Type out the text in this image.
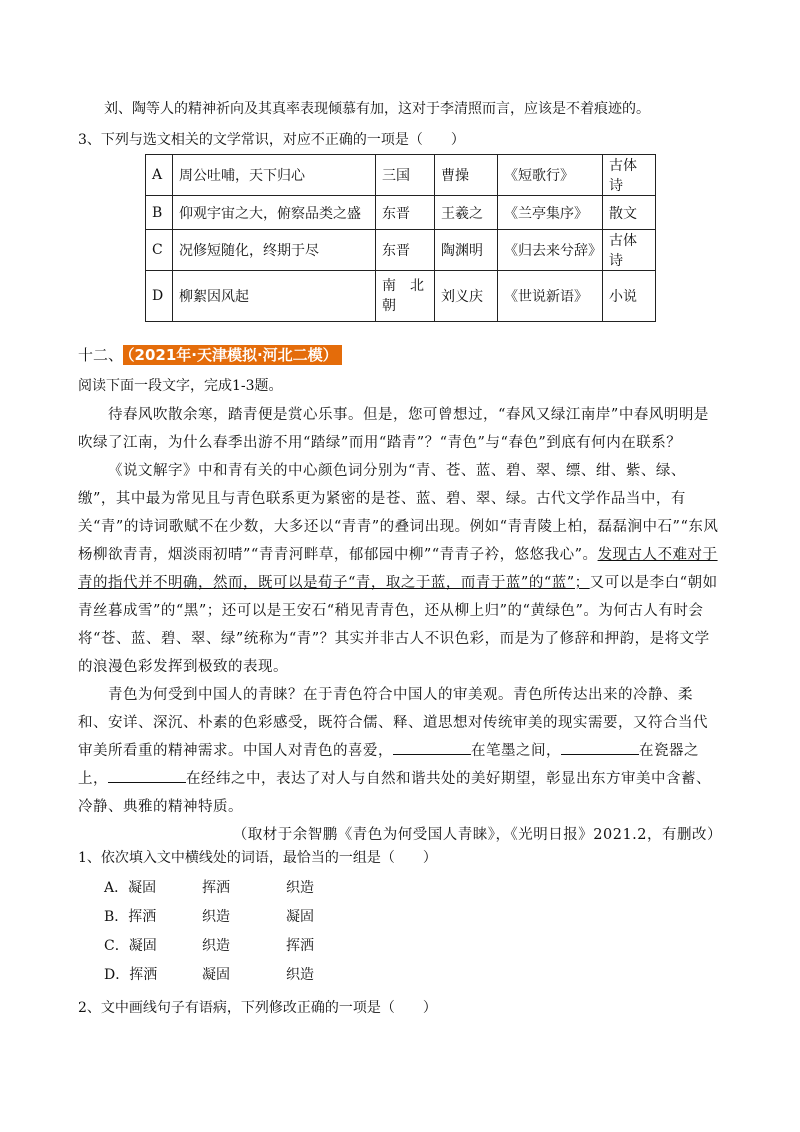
刘、陶等人的精神祈向及其真率表现倾慕有加，这对于李清照而言，应该是不着痕迹的。
3、下列与选文相关的文学常识，对应不正确的一项是（　　）
A	周公吐哺，天下归心	三国	曹操	《短歌行》	古体诗
B	仰观宇宙之大，俯察品类之盛	东晋	王羲之	《兰亭集序》	散文
C	况修短随化，终期于尽	东晋	陶渊明	《归去来兮辞》	古体诗
D	柳絮因风起	南　北　朝	刘义庆	《世说新语》	小说
十二、 （2021年·天津模拟·河北二模）
阅读下面一段文字，完成1-3题。

待春风吹散余寒，踏青便是赏心乐事。但是，您可曾想过，“春风又绿江南岸”中春风明明是吹绿了江南，为什么春季出游不用“踏绿”而用“踏青”？“青色”与“春色”到底有何内在联系？

《说文解字》中和青有关的中心颜色词分别为“青、苍、蓝、碧、翠、缥、绀、紫、绿、缴”，其中最为常见且与青色联系更为紧密的是苍、蓝、碧、翠、绿。古代文学作品当中，有关“青”的诗词歌赋不在少数，大多还以“青青”的叠词出现。例如“青青陵上柏，磊磊涧中石”“东风杨柳欲青青，烟淡雨初晴”“青青河畔草，郁郁园中柳”“青青子衿，悠悠我心”。发现古人不难对于青的指代并不明确，然而，既可以是荀子“青，取之于蓝，而青于蓝”的“蓝”；又可以是李白“朝如青丝暮成雪”的“黑”；还可以是王安石“稍见青青色，还从柳上归”的“黄绿色”。为何古人有时会将“苍、蓝、碧、翠、绿”统称为“青”？其实并非古人不识色彩，而是为了修辞和押韵，是将文学的浪漫色彩发挥到极致的表现。

青色为何受到中国人的青睐？在于青色符合中国人的审美观。青色所传达出来的冷静、柔和、安详、深沉、朴素的色彩感受，既符合儒、释、道思想对传统审美的现实需要，又符合当代审美所看重的精神需求。中国人对青色的喜爱，	在笔墨之间，	在瓷器之上，	在经纬之中，表达了对人与自然和谐共处的美好期望，彰显出东方审美中含蓄、冷静、典雅的精神特质。

（取材于余智鹏《青色为何受国人青睐》，《光明日报》2021.2，有删改）

1、依次填入文中横线处的词语，最恰当的一组是（　　）
A．凝固	挥洒	织造
B．挥洒	织造	凝固
C．凝固	织造	挥洒
D．挥洒	凝固	织造
2、文中画线句子有语病，下列修改正确的一项是（　　）
